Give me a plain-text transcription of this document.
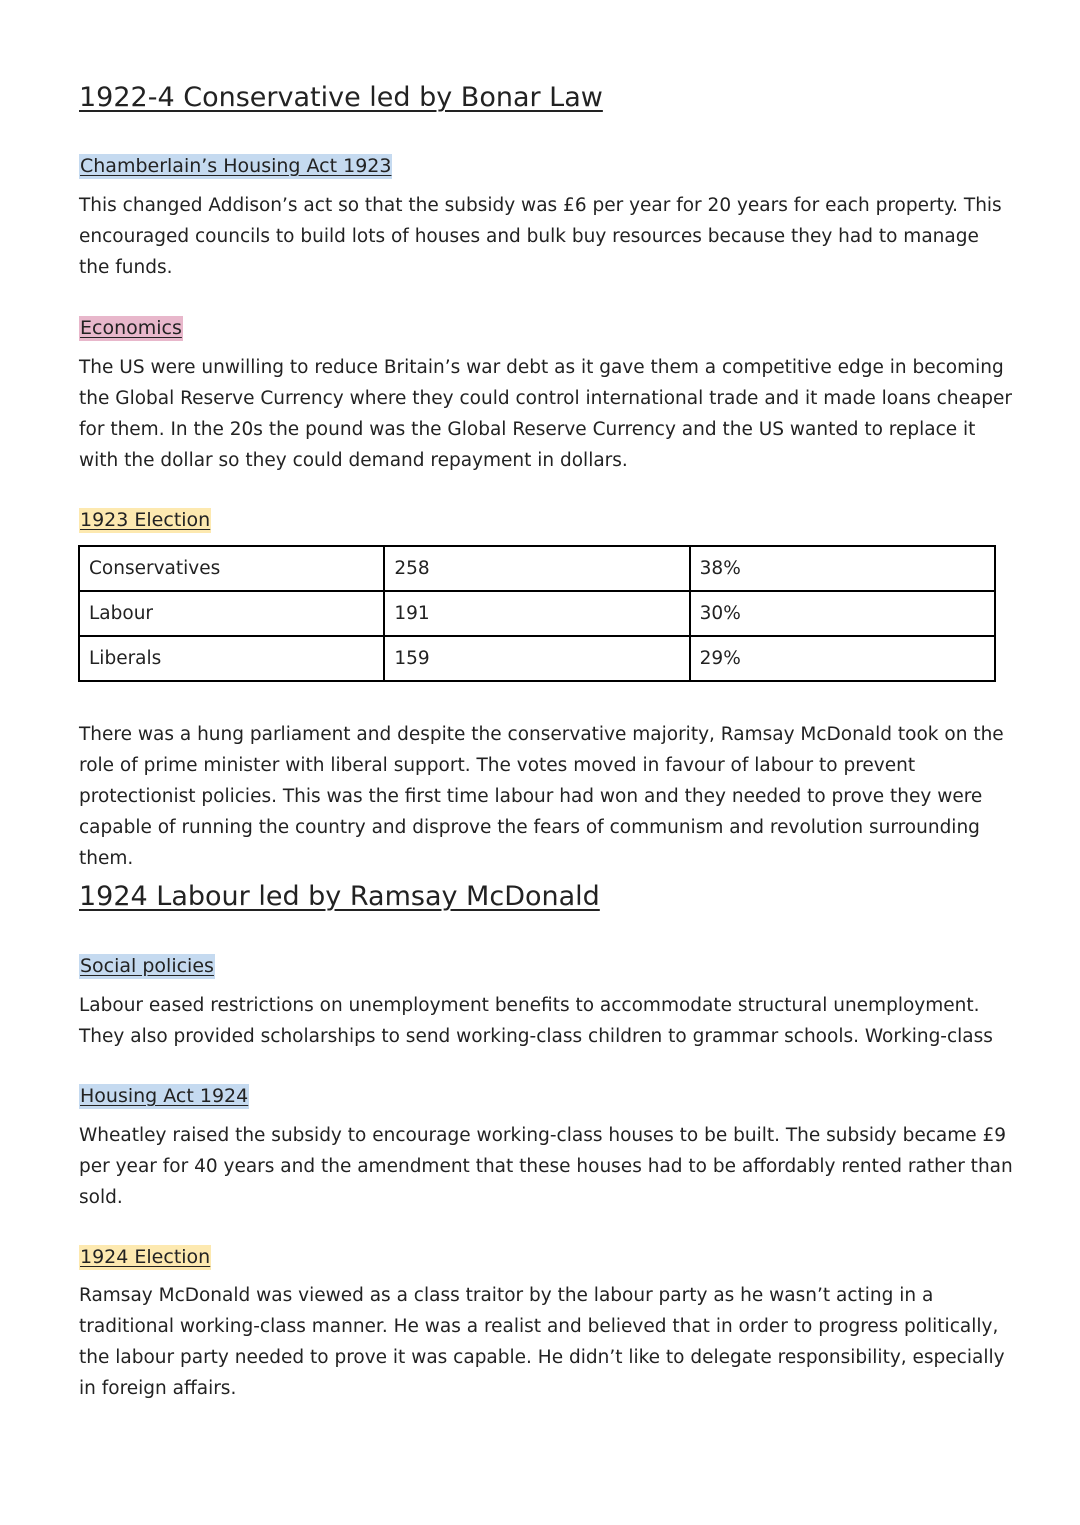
1922-4 Conservative led by Bonar Law
Chamberlain’s Housing Act 1923

This changed Addison’s act so that the subsidy was £6 per year for 20 years for each property. This encouraged councils to build lots of houses and bulk buy resources because they had to manage the funds.

Economics

The US were unwilling to reduce Britain’s war debt as it gave them a competitive edge in becoming the Global Reserve Currency where they could control international trade and it made loans cheaper for them. In the 20s the pound was the Global Reserve Currency and the US wanted to replace it with the dollar so they could demand repayment in dollars.

1923 Election
Conservatives	258	38%
Labour	191	30%
Liberals	159	29%

There was a hung parliament and despite the conservative majority, Ramsay McDonald took on the role of prime minister with liberal support. The votes moved in favour of labour to prevent protectionist policies. This was the first time labour had won and they needed to prove they were capable of running the country and disprove the fears of communism and revolution surrounding them.

1924 Labour led by Ramsay McDonald
Social policies

Labour eased restrictions on unemployment benefits to accommodate structural unemployment. They also provided scholarships to send working-class children to grammar schools. Working-class

Housing Act 1924

Wheatley raised the subsidy to encourage working-class houses to be built. The subsidy became £9 per year for 40 years and the amendment that these houses had to be affordably rented rather than sold.

1924 Election

Ramsay McDonald was viewed as a class traitor by the labour party as he wasn’t acting in a traditional working-class manner. He was a realist and believed that in order to progress politically, the labour party needed to prove it was capable. He didn’t like to delegate responsibility, especially in foreign affairs.
